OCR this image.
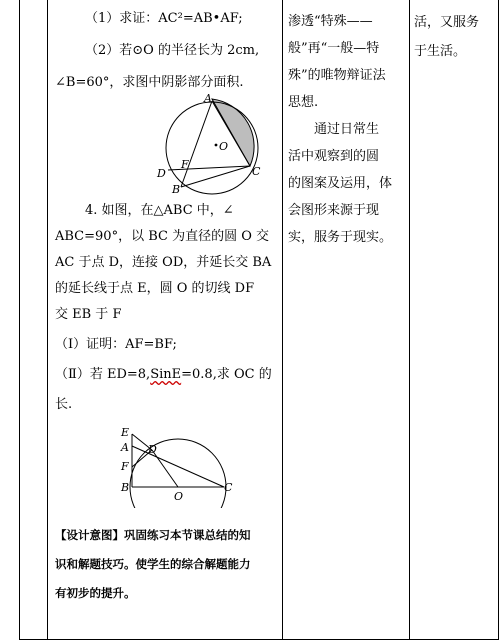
（1）求证：AC²=AB•AF;

（2）若⊙O 的半径长为 2cm,

∠B=60°，求图中阴影部分面积.

A
O
F
D	C
B

4. 如图，在△ABC 中，∠

ABC=90°，以 BC 为直径的圆 O 交

AC 于点 D，连接 OD，并延长交 BA

的延长线于点 E，圆 O 的切线 DF

交 EB 于 F

（Ⅰ）证明：AF=BF;

（Ⅱ）若 ED=8,SinE=0.8,求 OC 的

长.

E
A D
F
B
O
C

【设计意图】巩固练习本节课总结的知

识和解题技巧。使学生的综合解题能力

有初步的提升。

渗透“特殊——

般”再“一般—特

殊”的唯物辩证法

思想.

通过日常生

活中观察到的圆

的图案及运用，体

会图形来源于现

实，服务于现实。

活，又服务

于生活。
